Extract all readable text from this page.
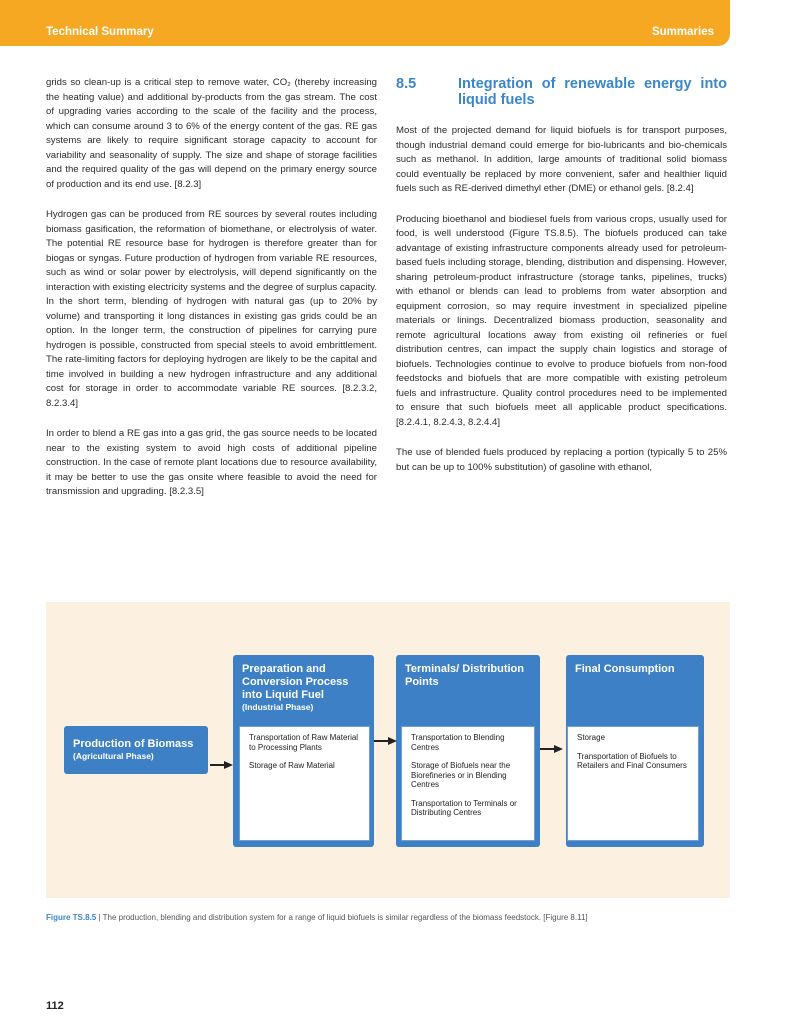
Technical Summary	Summaries

grids so clean-up is a critical step to remove water, CO₂ (thereby increasing the heating value) and additional by-products from the gas stream. The cost of upgrading varies according to the scale of the facility and the process, which can consume around 3 to 6% of the energy content of the gas. RE gas systems are likely to require significant storage capacity to account for variability and seasonality of supply. The size and shape of storage facilities and the required quality of the gas will depend on the primary energy source of production and its end use. [8.2.3]

Hydrogen gas can be produced from RE sources by several routes including biomass gasification, the reformation of biomethane, or electrolysis of water. The potential RE resource base for hydrogen is therefore greater than for biogas or syngas. Future production of hydrogen from variable RE resources, such as wind or solar power by electrolysis, will depend significantly on the interaction with existing electricity systems and the degree of surplus capacity. In the short term, blending of hydrogen with natural gas (up to 20% by volume) and transporting it long distances in existing gas grids could be an option. In the longer term, the construction of pipelines for carrying pure hydrogen is possible, constructed from special steels to avoid embrittlement. The rate-limiting factors for deploying hydrogen are likely to be the capital and time involved in building a new hydrogen infrastructure and any additional cost for storage in order to accommodate variable RE sources. [8.2.3.2, 8.2.3.4]

In order to blend a RE gas into a gas grid, the gas source needs to be located near to the existing system to avoid high costs of additional pipeline construction. In the case of remote plant locations due to resource availability, it may be better to use the gas onsite where feasible to avoid the need for transmission and upgrading. [8.2.3.5]

8.5	Integration of renewable energy into liquid fuels

Most of the projected demand for liquid biofuels is for transport purposes, though industrial demand could emerge for bio-lubricants and bio-chemicals such as methanol. In addition, large amounts of traditional solid biomass could eventually be replaced by more convenient, safer and healthier liquid fuels such as RE-derived dimethyl ether (DME) or ethanol gels. [8.2.4]

Producing bioethanol and biodiesel fuels from various crops, usually used for food, is well understood (Figure TS.8.5). The biofuels produced can take advantage of existing infrastructure components already used for petroleum-based fuels including storage, blending, distribution and dispensing. However, sharing petroleum-product infrastructure (storage tanks, pipelines, trucks) with ethanol or blends can lead to problems from water absorption and equipment corrosion, so may require investment in specialized pipeline materials or linings. Decentralized biomass production, seasonality and remote agricultural locations away from existing oil refineries or fuel distribution centres, can impact the supply chain logistics and storage of biofuels. Technologies continue to evolve to produce biofuels from non-food feedstocks and biofuels that are more compatible with existing petroleum fuels and infrastructure. Quality control procedures need to be implemented to ensure that such biofuels meet all applicable product specifications. [8.2.4.1, 8.2.4.3, 8.2.4.4]

The use of blended fuels produced by replacing a portion (typically 5 to 25% but can be up to 100% substitution) of gasoline with ethanol,

Production of Biomass
(Agricultural Phase)
Preparation and Conversion Process into Liquid Fuel
(Industrial Phase)

Transportation of Raw Material to Processing Plants

Storage of Raw Material

Terminals/ Distribution Points

Transportation to Blending Centres

Storage of Biofuels near the Biorefineries or in Blending Centres

Transportation to Terminals or Distributing Centres

Final Consumption

Storage

Transportation of Biofuels to Retailers and Final Consumers

Figure TS.8.5 | The production, blending and distribution system for a range of liquid biofuels is similar regardless of the biomass feedstock. [Figure 8.11]
112
